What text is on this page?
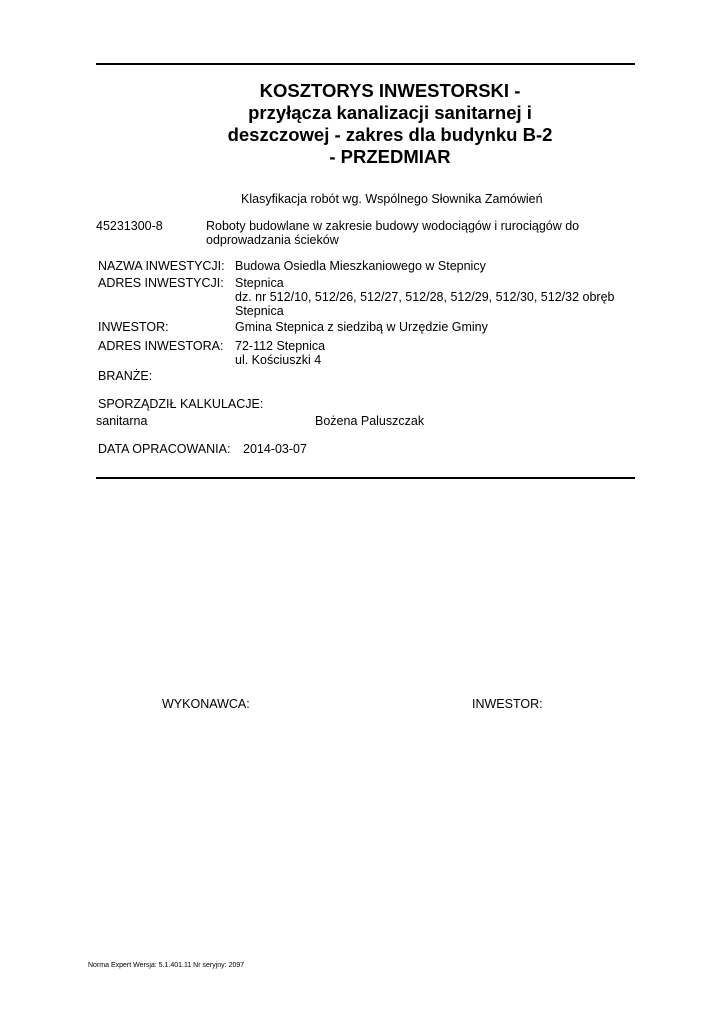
KOSZTORYS INWESTORSKI -
przyłącza kanalizacji sanitarnej i
deszczowej - zakres dla budynku B-2
- PRZEDMIAR
Klasyfikacja robót wg. Wspólnego Słownika Zamówień
45231300-8	Roboty budowlane w zakresie budowy wodociągów i rurociągów do
odprowadzania ścieków
NAZWA INWESTYCJI: Budowa Osiedla Mieszkaniowego w Stepnicy
ADRES INWESTYCJI: Stepnica
dz. nr 512/10, 512/26, 512/27, 512/28, 512/29, 512/30, 512/32 obręb
Stepnica
INWESTOR:	Gmina Stepnica z siedzibą w Urzędzie Gminy
ADRES INWESTORA: 72-112 Stepnica
ul. Kościuszki 4
BRANŻE:
SPORZĄDZIŁ KALKULACJE:
sanitarna	Bożena Paluszczak
DATA OPRACOWANIA: 2014-03-07
WYKONAWCA:	INWESTOR:
Norma Expert Wersja: 5.1.401.11 Nr seryjny: 2097
